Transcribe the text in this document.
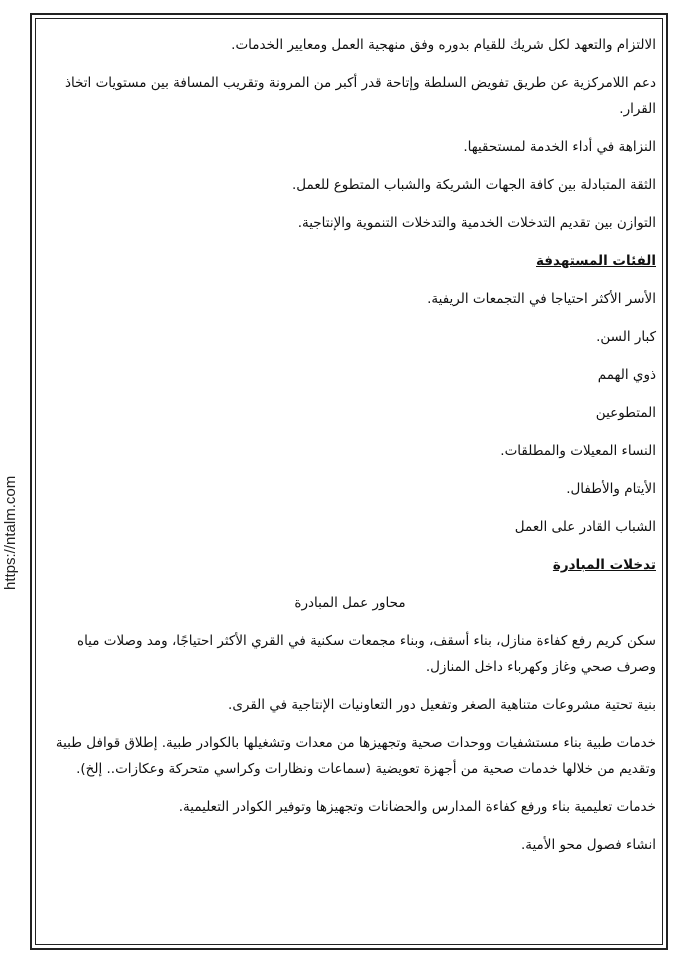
https://ntalm.com

الالتزام والتعهد لكل شريك للقيام بدوره وفق منهجية العمل ومعايير الخدمات.

دعم اللامركزية عن طريق تفويض السلطة وإتاحة قدر أكبر من المرونة وتقريب المسافة بين مستويات اتخاذ القرار.

النزاهة في أداء الخدمة لمستحقيها.

الثقة المتبادلة بين كافة الجهات الشريكة والشباب المتطوع للعمل.

التوازن بين تقديم التدخلات الخدمية والتدخلات التنموية والإنتاجية.

الفئات المستهدفة

الأسر الأكثر احتياجا في التجمعات الريفية.

كبار السن.

ذوي الهمم

المتطوعين

النساء المعيلات والمطلقات.

الأيتام والأطفال.

الشباب القادر على العمل

تدخلات المبادرة

محاور عمل المبادرة

سكن كريم رفع كفاءة منازل، بناء أسقف، وبناء مجمعات سكنية في القري الأكثر احتياجًا، ومد وصلات مياه وصرف صحي وغاز وكهرباء داخل المنازل.

بنية تحتية مشروعات متناهية الصغر وتفعيل دور التعاونيات الإنتاجية في القرى.

خدمات طبية بناء مستشفيات ووحدات صحية وتجهيزها من معدات وتشغيلها بالكوادر طبية. إطلاق قوافل طبية وتقديم من خلالها خدمات صحية من أجهزة تعويضية (سماعات ونظارات وكراسي متحركة وعكازات.. إلخ).

خدمات تعليمية بناء ورفع كفاءة المدارس والحضانات وتجهيزها وتوفير الكوادر التعليمية.

انشاء فصول محو الأمية.
